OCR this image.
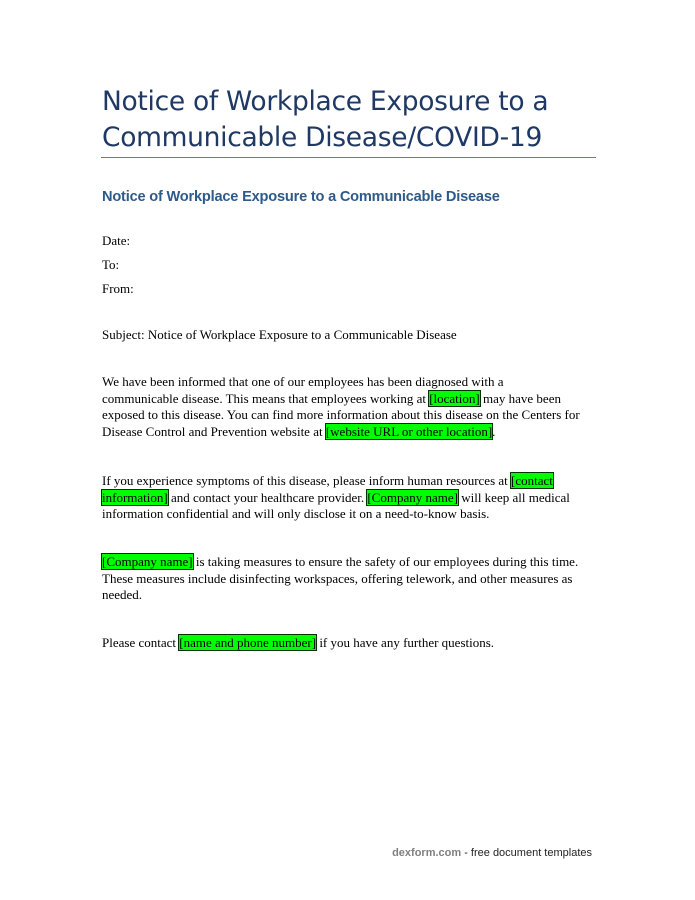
Notice of Workplace Exposure to a
Communicable Disease/COVID-19
Notice of Workplace Exposure to a Communicable Disease
Date:
To:
From:
Subject: Notice of Workplace Exposure to a Communicable Disease
We have been informed that one of our employees has been diagnosed with a
communicable disease. This means that employees working at [location] may have been
exposed to this disease. You can find more information about this disease on the Centers for
Disease Control and Prevention website at [website URL or other location].
If you experience symptoms of this disease, please inform human resources at [contact
information] and contact your healthcare provider. [Company name] will keep all medical
information confidential and will only disclose it on a need-to-know basis.
[Company name] is taking measures to ensure the safety of our employees during this time.
These measures include disinfecting workspaces, offering telework, and other measures as
needed.
Please contact [name and phone number] if you have any further questions.
dexform.com - free document templates
